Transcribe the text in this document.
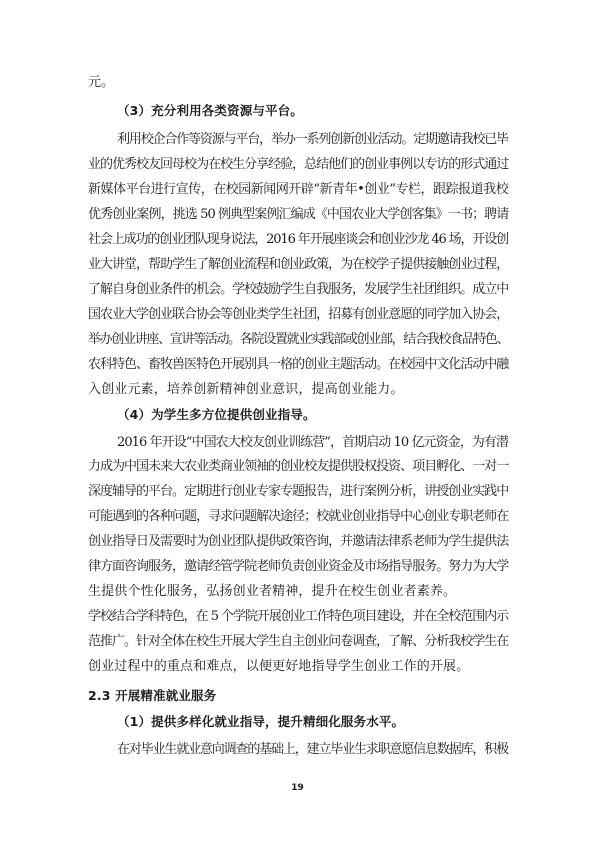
元。
（3）充分利用各类资源与平台。
利用校企合作等资源与平台，举办一系列创新创业活动。定期邀请我校已毕
业的优秀校友回母校为在校生分享经验，总结他们的创业事例以专访的形式通过
新媒体平台进行宣传，在校园新闻网开辟“新青年•创业”专栏，跟踪报道我校
优秀创业案例，挑选 50 例典型案例汇编成《中国农业大学创客集》一书；聘请
社会上成功的创业团队现身说法，2016 年开展座谈会和创业沙龙 46 场，开设创
业大讲堂，帮助学生了解创业流程和创业政策，为在校学子提供接触创业过程，
了解自身创业条件的机会。学校鼓励学生自我服务，发展学生社团组织。成立中
国农业大学创业联合协会等创业类学生社团，招募有创业意愿的同学加入协会，
举办创业讲座、宣讲等活动。各院设置就业实践部或创业部，结合我校食品特色、
农科特色、畜牧兽医特色开展别具一格的创业主题活动。在校园中文化活动中融
入创业元素，培养创新精神创业意识，提高创业能力。
（4）为学生多方位提供创业指导。
2016 年开设“中国农大校友创业训练营”，首期启动 10 亿元资金，为有潜
力成为中国未来大农业类商业领袖的创业校友提供股权投资、项目孵化、一对一
深度辅导的平台。定期进行创业专家专题报告，进行案例分析，讲授创业实践中
可能遇到的各种问题，寻求问题解决途径；校就业创业指导中心创业专职老师在
创业指导日及需要时为创业团队提供政策咨询，并邀请法律系老师为学生提供法
律方面咨询服务，邀请经管学院老师负责创业资金及市场指导服务。努力为大学
生提供个性化服务，弘扬创业者精神，提升在校生创业者素养。
学校结合学科特色，在 5 个学院开展创业工作特色项目建设，并在全校范围内示
范推广。针对全体在校生开展大学生自主创业问卷调查，了解、分析我校学生在
创业过程中的重点和难点，以便更好地指导学生创业工作的开展。
2.3 开展精准就业服务
（1）提供多样化就业指导，提升精细化服务水平。
在对毕业生就业意向调查的基础上，建立毕业生求职意愿信息数据库，积极
19
